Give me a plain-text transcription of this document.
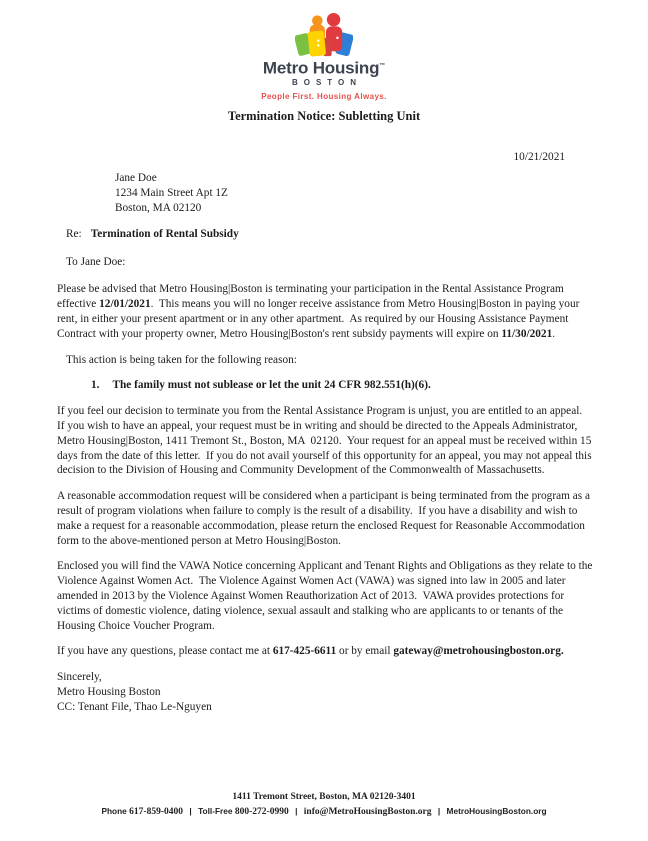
Metro Housing™
BOSTON
People First. Housing Always.
Termination Notice: Subletting Unit
10/21/2021
Jane Doe
1234 Main Street Apt 1Z
Boston, MA 02120
Re: Termination of Rental Subsidy
To Jane Doe:

Please be advised that Metro Housing|Boston is terminating your participation in the Rental Assistance Program effective 12/01/2021.  This means you will no longer receive assistance from Metro Housing|Boston in paying your rent, in either your present apartment or in any other apartment.  As required by our Housing Assistance Payment Contract with your property owner, Metro Housing|Boston's rent subsidy payments will expire on 11/30/2021.

This action is being taken for the following reason:

1. The family must not sublease or let the unit 24 CFR 982.551(h)(6).

If you feel our decision to terminate you from the Rental Assistance Program is unjust, you are entitled to an appeal.  If you wish to have an appeal, your request must be in writing and should be directed to the Appeals Administrator, Metro Housing|Boston, 1411 Tremont St., Boston, MA  02120.  Your request for an appeal must be received within 15 days from the date of this letter.  If you do not avail yourself of this opportunity for an appeal, you may not appeal this decision to the Division of Housing and Community Development of the Commonwealth of Massachusetts.

A reasonable accommodation request will be considered when a participant is being terminated from the program as a result of program violations when failure to comply is the result of a disability.  If you have a disability and wish to make a request for a reasonable accommodation, please return the enclosed Request for Reasonable Accommodation form to the above-mentioned person at Metro Housing|Boston.

Enclosed you will find the VAWA Notice concerning Applicant and Tenant Rights and Obligations as they relate to the Violence Against Women Act.  The Violence Against Women Act (VAWA) was signed into law in 2005 and later amended in 2013 by the Violence Against Women Reauthorization Act of 2013.  VAWA provides protections for victims of domestic violence, dating violence, sexual assault and stalking who are applicants to or tenants of the Housing Choice Voucher Program.

If you have any questions, please contact me at 617-425-6611 or by email gateway@metrohousingboston.org.

Sincerely,
Metro Housing Boston
CC: Tenant File, Thao Le-Nguyen
1411 Tremont Street, Boston, MA 02120-3401
Phone 617-859-0400 | Toll-Free 800-272-0990 | info@MetroHousingBoston.org | MetroHousingBoston.org
